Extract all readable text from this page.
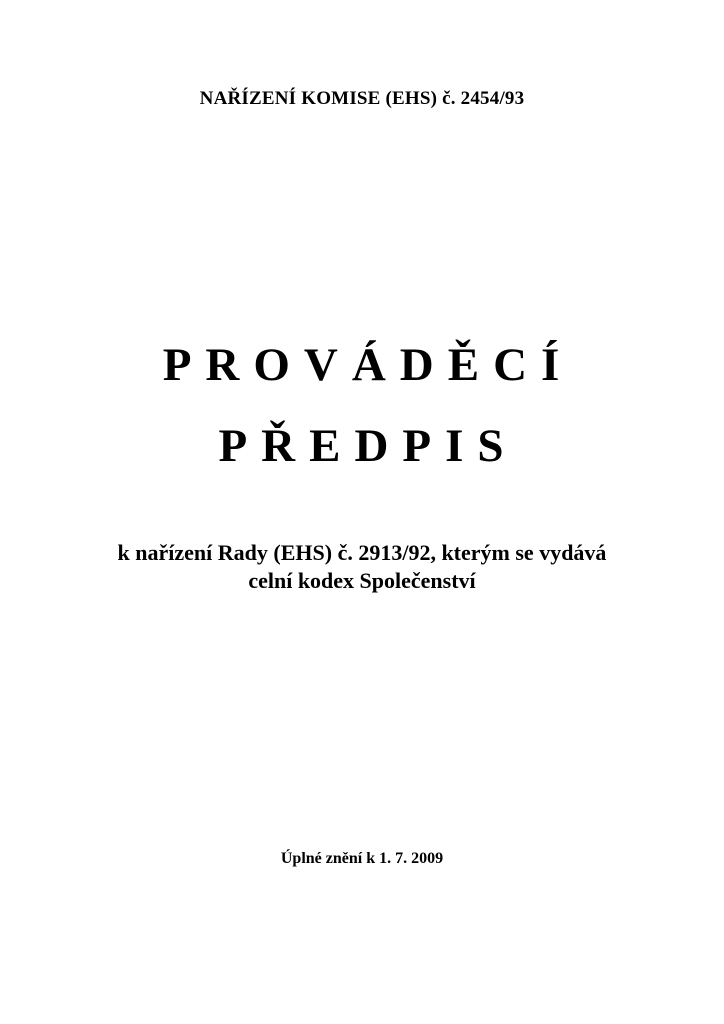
NAŘÍZENÍ KOMISE (EHS) č. 2454/93
PROVÁDĚCÍ
PŘEDPIS
k nařízení Rady (EHS) č. 2913/92, kterým se vydává
celní kodex Společenství
Úplné znění k 1. 7. 2009
